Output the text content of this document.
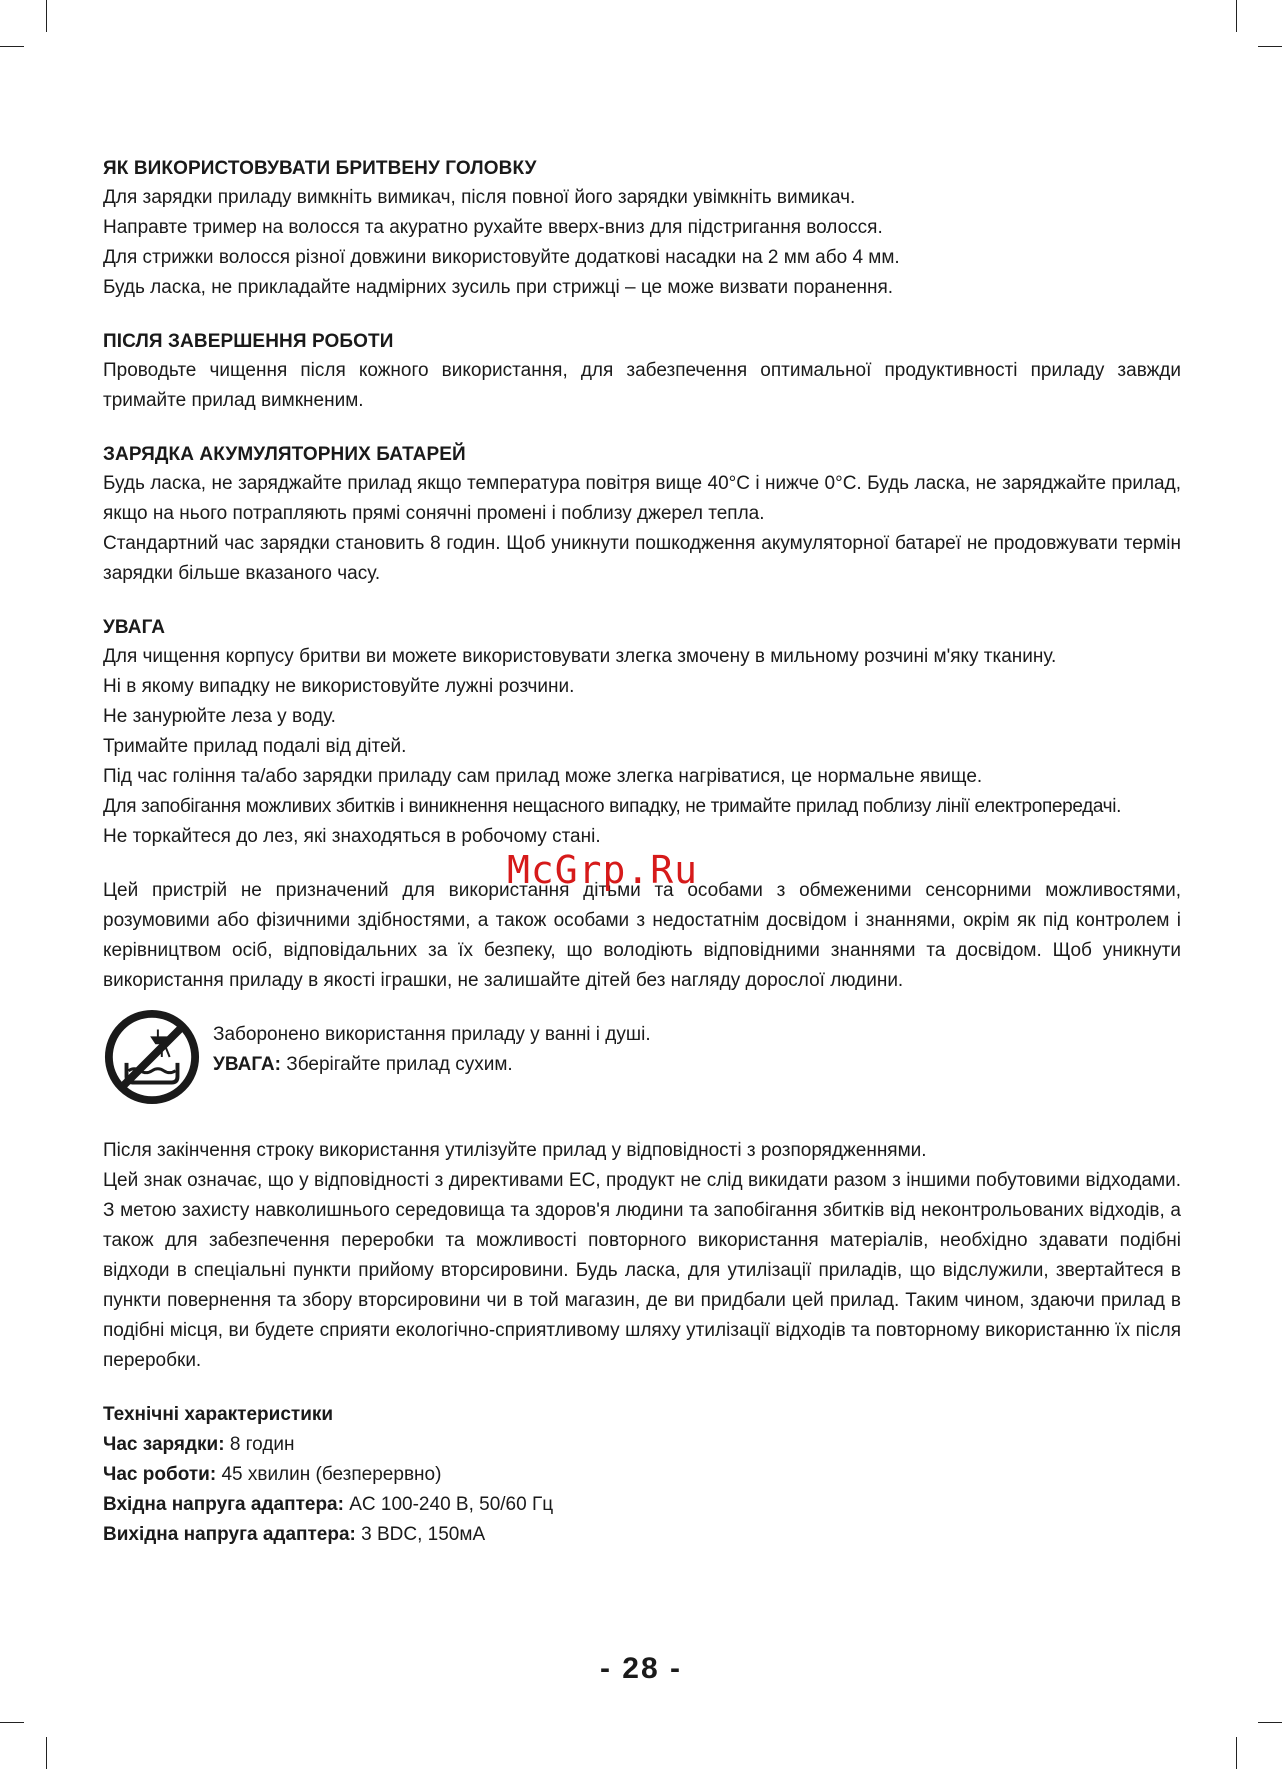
ЯК ВИКОРИСТОВУВАТИ БРИТВЕНУ ГОЛОВКУ

Для зарядки приладу вимкніть вимикач, після повної його зарядки увімкніть вимикач.

Направте тример на волосся та акуратно рухайте вверх-вниз для підстригання волосся.

Для стрижки волосся різної довжини використовуйте додаткові насадки на 2 мм або 4 мм.

Будь ласка, не прикладайте надмірних зусиль при стрижці – це може визвати поранення.

ПІСЛЯ ЗАВЕРШЕННЯ РОБОТИ

Проводьте чищення після кожного використання, для забезпечення оптимальної продуктивності приладу завжди тримайте прилад вимкненим.

ЗАРЯДКА АКУМУЛЯТОРНИХ БАТАРЕЙ

Будь ласка, не заряджайте прилад якщо температура повітря вище 40°C і нижче 0°C. Будь ласка, не заряджайте прилад, якщо на нього потрапляють прямі сонячні промені і поблизу джерел тепла.

Стандартний час зарядки становить 8 годин. Щоб уникнути пошкодження акумуляторної батареї не продовжувати термін зарядки більше вказаного часу.

УВАГА

Для чищення корпусу бритви ви можете використовувати злегка змочену в мильному розчині м'яку тканину.

Ні в якому випадку не використовуйте лужні розчини.

Не занурюйте леза у воду.

Тримайте прилад подалі від дітей.

Під час гоління та/або зарядки приладу сам прилад може злегка нагріватися, це нормальне явище.

Для запобігання можливих збитків і виникнення нещасного випадку, не тримайте прилад поблизу лінії електропередачі.

Не торкайтеся до лез, які знаходяться в робочому стані.

Цей пристрій не призначений для використання дітьми та особами з обмеженими сенсорними можливостями, розумовими або фізичними здібностями, а також особами з недостатнім досвідом і знаннями, окрім як під контролем і керівництвом осіб, відповідальних за їх безпеку, що володіють відповідними знаннями та досвідом. Щоб уникнути використання приладу в якості іграшки, не залишайте дітей без нагляду дорослої людини.

Заборонено використання приладу у ванні і душі.

УВАГА: Зберігайте прилад сухим.

Після закінчення строку використання утилізуйте прилад у відповідності з розпорядженнями.

Цей знак означає, що у відповідності з директивами ЕС, продукт не слід викидати разом з іншими побутовими відходами. З метою захисту навколишнього середовища та здоров'я людини та запобігання збитків від неконтрольованих відходів, а також для забезпечення переробки та можливості повторного використання матеріалів, необхідно здавати подібні відходи в спеціальні пункти прийому вторсировини. Будь ласка, для утилізації приладів, що відслужили, звертайтеся в пункти повернення та збору вторсировини чи в той магазин, де ви придбали цей прилад. Таким чином, здаючи прилад в подібні місця, ви будете сприяти екологічно-сприятливому шляху утилізації відходів та повторному використанню їх після переробки.

Технічні характеристики
Час зарядки: 8 годин
Час роботи: 45 хвилин (безперервно)
Вхідна напруга адаптера: AC 100-240 В, 50/60 Гц
Вихідна напруга адаптера: 3 BDC, 150мА
McGrp.Ru
- 28 -
